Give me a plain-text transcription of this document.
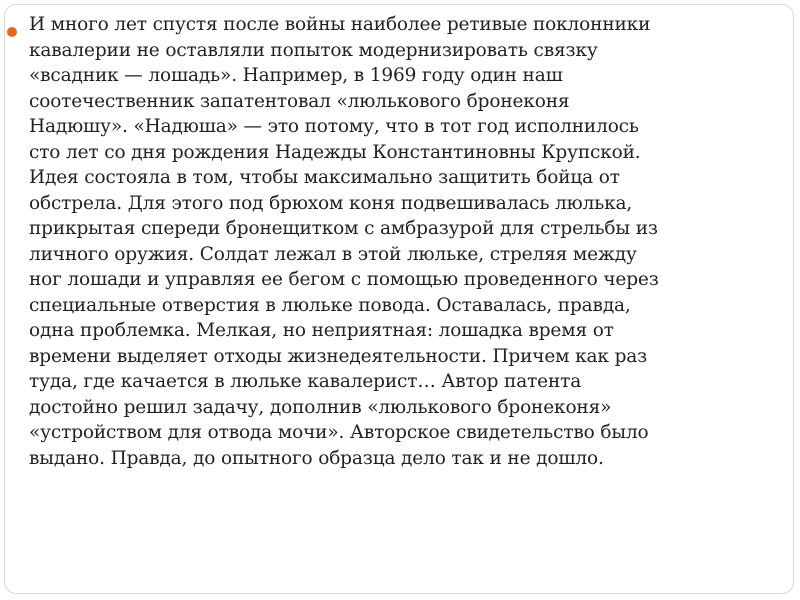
И много лет спустя после войны наиболее ретивые поклонники
кавалерии не оставляли попыток модернизировать связку
«всадник — лошадь». Например, в 1969 году один наш
соотечественник запатентовал «люлькового бронеконя
Надюшу». «Надюша» — это потому, что в тот год исполнилось
сто лет со дня рождения Надежды Константиновны Крупской.
Идея состояла в том, чтобы максимально защитить бойца от
обстрела. Для этого под брюхом коня подвешивалась люлька,
прикрытая спереди бронещитком с амбразурой для стрельбы из
личного оружия. Солдат лежал в этой люльке, стреляя между
ног лошади и управляя ее бегом с помощью проведенного через
специальные отверстия в люльке повода. Оставалась, правда,
одна проблемка. Мелкая, но неприятная: лошадка время от
времени выделяет отходы жизнедеятельности. Причем как раз
туда, где качается в люльке кавалерист… Автор патента
достойно решил задачу, дополнив «люлькового бронеконя»
«устройством для отвода мочи». Авторское свидетельство было
выдано. Правда, до опытного образца дело так и не дошло.
